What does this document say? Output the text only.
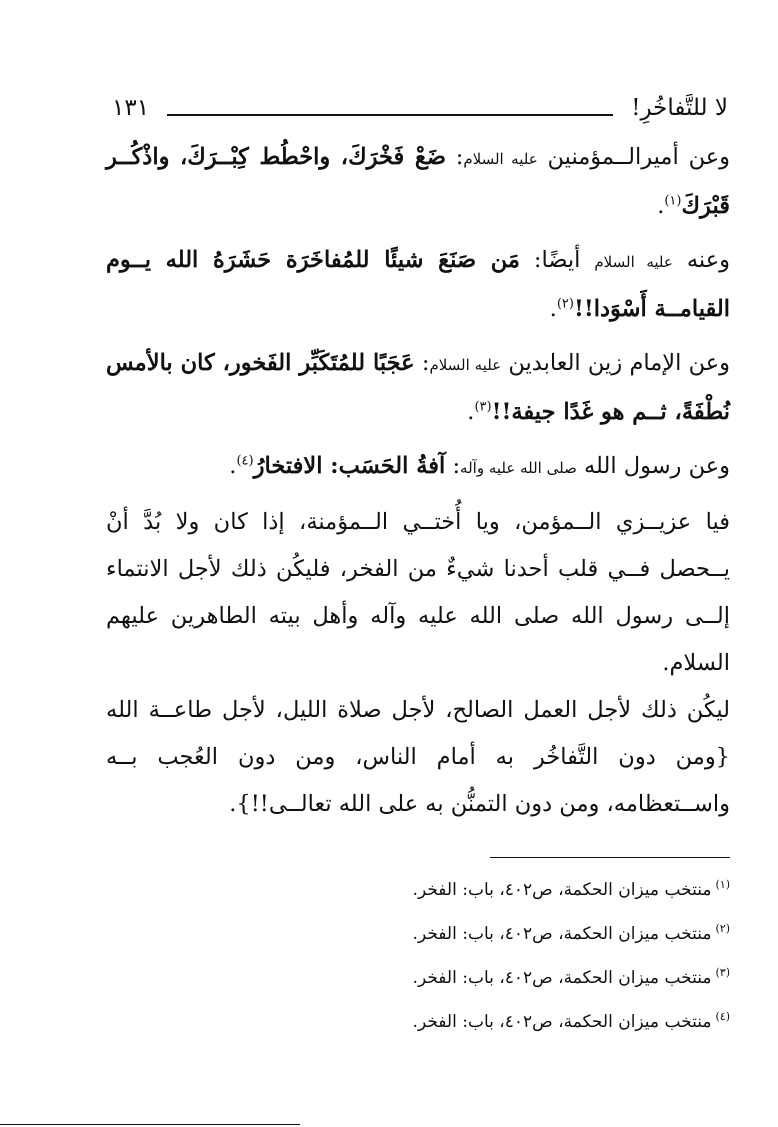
لا للتَّفاخُرِ!
١٣١

وعن أميرالــمؤمنين عليه السلام: ضَعْ فَخْرَكَ، واحْطُط كِبْــرَكَ، واذْكُــر قَبْرَكَ$^{(١)}$.

وعنه عليه السلام أيضًا: مَن صَنَعَ شيئًا للمُفاخَرَة حَشَرَهُ الله يــوم القيامــة أَسْوَدا!!$^{(٢)}$.

وعن الإمام زين العابدين عليه السلام: عَجَبًا للمُتَكَبِّر الفَخور، كان بالأمس نُطْفَةً، ثــم هو غَدًا جيفة!!$^{(٣)}$.

وعن رسول الله صلى الله عليه وآله: آفةُ الحَسَب: الافتخارُ$^{(٤)}$.

فيا عزيــزي الــمؤمن، ويا أُختــي الــمؤمنة، إذا كان ولا بُدَّ أنْ يــحصل فــي قلب أحدنا شيءٌ من الفخر، فليكُن ذلك لأجل الانتماء إلــى رسول الله صلى الله عليه وآله وأهل بيته الطاهرين عليهم السلام.

ليكُن ذلك لأجل العمل الصالح، لأجل صلاة الليل، لأجل طاعــة الله {ومن دون التَّفاخُر به أمام الناس، ومن دون العُجب بــه واســتعظامه، ومن دون التمنُّن به على الله تعالــى!!}.

$^{(١)}$منتخب ميزان الحكمة، ص٤٠٢، باب: الفخر.
$^{(٢)}$منتخب ميزان الحكمة، ص٤٠٢، باب: الفخر.
$^{(٣)}$منتخب ميزان الحكمة، ص٤٠٢، باب: الفخر.
$^{(٤)}$منتخب ميزان الحكمة، ص٤٠٢، باب: الفخر.
